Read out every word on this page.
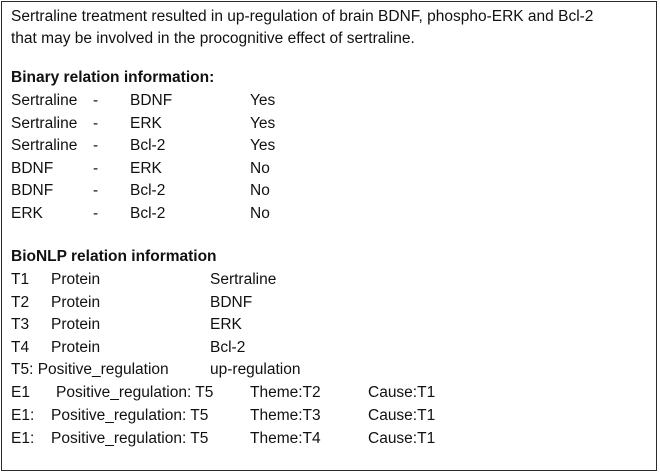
Sertraline treatment resulted in up-regulation of brain BDNF, phospho-ERK and Bcl-2
that may be involved in the procognitive effect of sertraline.
Binary relation information:
Sertraline - BDNF	Yes
Sertraline - ERK	Yes
Sertraline - Bcl-2	Yes
BDNF	- ERK	No
BDNF	- Bcl-2	No
ERK	- Bcl-2	No
BioNLP relation information
T1 Protein	Sertraline
T2 Protein	BDNF
T3 Protein	ERK
T4 Protein	Bcl-2
T5: Positive_regulation	up-regulation
E1 Positive_regulation: T5 Theme:T2	Cause:T1
E1: Positive_regulation: T5	Theme:T3	Cause:T1
E1: Positive_regulation: T5	Theme:T4	Cause:T1
